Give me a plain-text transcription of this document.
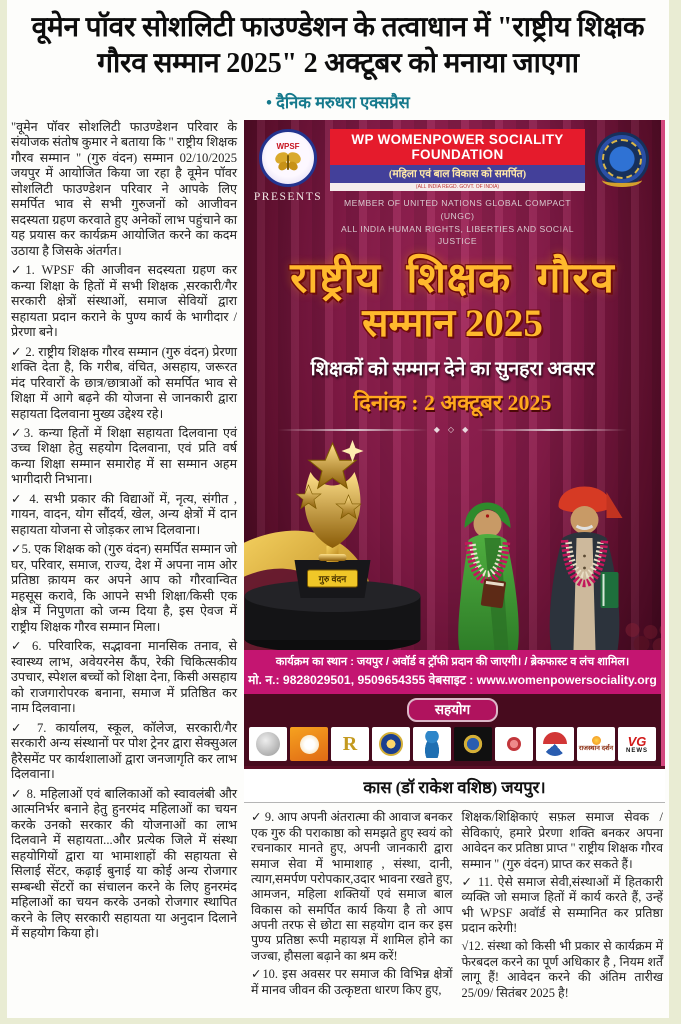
वूमेन पॉवर सोशलिटी फाउण्डेशन के तत्वाधान में "राष्ट्रीय शिक्षक गौरव सम्मान 2025" 2 अक्टूबर को मनाया जाएगा
• दैनिक मरुधरा एक्सप्रैस

"वूमेन पॉवर सोशलिटी फाउण्डेशन परिवार के संयोजक संतोष कुमार ने बताया कि " राष्ट्रीय शिक्षक गौरव सम्मान " (गुरु वंदन) सम्मान 02/10/2025 जयपुर में आयोजित किया जा रहा है वूमेन पॉवर सोशलिटी फाउण्डेशन परिवार ने आपके लिए समर्पित भाव से सभी गुरुजनों को आजीवन सदस्यता ग्रहण करवाते हुए अनेकों लाभ पहुंचाने का यह प्रयास कर कार्यक्रम आयोजित करने का कदम उठाया है जिसके अंतर्गत।

✓1. WPSF की आजीवन सदस्यता ग्रहण कर कन्या शिक्षा के हितों में सभी शिक्षक ,सरकारी/गैर सरकारी क्षेत्रों संस्थाओं, समाज सेवियों द्वारा सहायता प्रदान कराने के पुण्य कार्य के भागीदार / प्रेरणा बने।

✓ 2. राष्ट्रीय शिक्षक गौरव सम्मान (गुरु वंदन) प्रेरणा शक्ति देता है, कि गरीब, वंचित, असहाय, जरूरत मंद परिवारों के छात्र/छात्राओं को समर्पित भाव से शिक्षा में आगे बढ़ने की योजना से जानकारी द्वारा सहायता दिलवाना मुख्य उद्देश्य रहे।

✓3. कन्या हितों में शिक्षा सहायता दिलवाना एवं उच्च शिक्षा हेतु सहयोग दिलवाना, एवं प्रति वर्ष कन्या शिक्षा सम्मान समारोह में सा सम्मान अहम भागीदारी निभाना।

✓ 4. सभी प्रकार की विद्याओं में, नृत्य, संगीत , गायन, वादन, योग सौंदर्य, खेल, अन्य क्षेत्रों में दान सहायता योजना से जोड़कर लाभ दिलवाना।

✓5. एक शिक्षक को (गुरु वंदन) समर्पित सम्मान जो घर, परिवार, समाज, राज्य, देश में अपना नाम ओर प्रतिष्ठा क़ायम कर अपने आप को गौरवान्वित महसूस करावे, कि आपने सभी शिक्षा/किसी एक क्षेत्र में निपुणता को जन्म दिया है, इस ऐवज में राष्ट्रीय शिक्षक गौरव सम्मान मिला।

✓ 6. परिवारिक, सद्भावना मानसिक तनाव, से स्वास्थ्य लाभ, अवेयरनेस कैंप, रेकी चिकित्सकीय उपचार, स्पेशल बच्चों को शिक्षा देना, किसी असहाय को राजगारोपरक बनाना, समाज में प्रतिष्ठित कर नाम दिलवाना।

✓ 7. कार्यालय, स्कूल, कॉलेज, सरकारी/गैर सरकारी अन्य संस्थानों पर पोश ट्रेनर द्वारा सेक्सुअल हैरेसमेंट पर कार्यशालाओं द्वारा जनजागृति कर लाभ दिलवाना।

✓ 8. महिलाओं एवं बालिकाओं को स्वावलंबी और आत्मनिर्भर बनाने हेतु हुनरमंद महिलाओं का चयन करके उनको सरकार की योजनाओं का लाभ दिलवाने में सहायता...और प्रत्येक जिले में संस्था सहयोगियों द्वारा या भामाशाहों की सहायता से सिलाई सेंटर, कढ़ाई बुनाई या कोई अन्य रोजगार सम्बन्धी सेंटरों का संचालन करने के लिए हुनरमंद महिलाओं का चयन करके उनको रोजगार स्थापित करने के लिए सरकारी सहायता या अनुदान दिलाने में सहयोग किया हो।

WPSF
PRESENTS
WP WOMENPOWER SOCIALITY FOUNDATION
(महिला एवं बाल विकास को समर्पित)
(ALL INDIA REGD. GOVT. OF INDIA)
MEMBER OF UNITED NATIONS GLOBAL COMPACT (UNGC)
ALL INDIA HUMAN RIGHTS, LIBERTIES AND SOCIAL JUSTICE
राष्ट्रीय शिक्षक गौरव
सम्मान 2025
शिक्षकों को सम्मान देने का सुनहरा अवसर
दिनांक : 2 अक्टूबर 2025
◆ ◇ ◆
गुरु वंदन
कार्यक्रम का स्थान : जयपुर / अवॉर्ड व ट्रॉफी प्रदान की जाएगी। / ब्रेकफास्ट व लंच शामिल।
मो. न.: 9828029501, 9509654355 वेबसाइट : www.womenpowersociality.org
सहयोग
R	राजस्थान दर्शन VG
NEWS
कास (डॉ राकेश वशिष्ठ) जयपुर।

✓ 9. आप अपनी अंतरात्मा की आवाज बनकर एक गुरु की पराकाष्ठा को समझते हुए स्वयं को रचनाकार मानते हुए, अपनी जानकारी द्वारा समाज सेवा में भामाशाह , संस्था, दानी, त्याग,समर्पण परोपकार,उदार भावना रखते हुए, आमजन, महिला शक्तियों एवं समाज बाल विकास को समर्पित कार्य किया है तो आप अपनी तरफ से छोटा सा सहयोग दान कर इस पुण्य प्रतिष्ठा रूपी महायज्ञ में शामिल होने का जज्बा, हौसला बढ़ाने का श्रम करें!

✓10. इस अवसर पर समाज की विभिन्न क्षेत्रों में मानव जीवन की उत्कृष्टता धारण किए हुए,

शिक्षक/शिक्षिकाएं सफ़ल समाज सेवक / सेविकाएं, हमारे प्रेरणा शक्ति बनकर अपना आवेदन कर प्रतिष्ठा प्राप्त " राष्ट्रीय शिक्षक गौरव सम्मान " (गुरु वंदन) प्राप्त कर सकते हैं।

✓ 11. ऐसे समाज सेवी,संस्थाओं में हितकारी व्यक्ति जो समाज हितों में कार्य करते हैं, उन्हें भी WPSF अवॉर्ड से सम्मानित कर प्रतिष्ठा प्रदान करेगी!

√12. संस्था को किसी भी प्रकार से कार्यक्रम में फेरबदल करने का पूर्ण अधिकार है , नियम शर्तें लागू हैं! आवेदन करने की अंतिम तारीख 25/09/ सितंबर 2025 है!
